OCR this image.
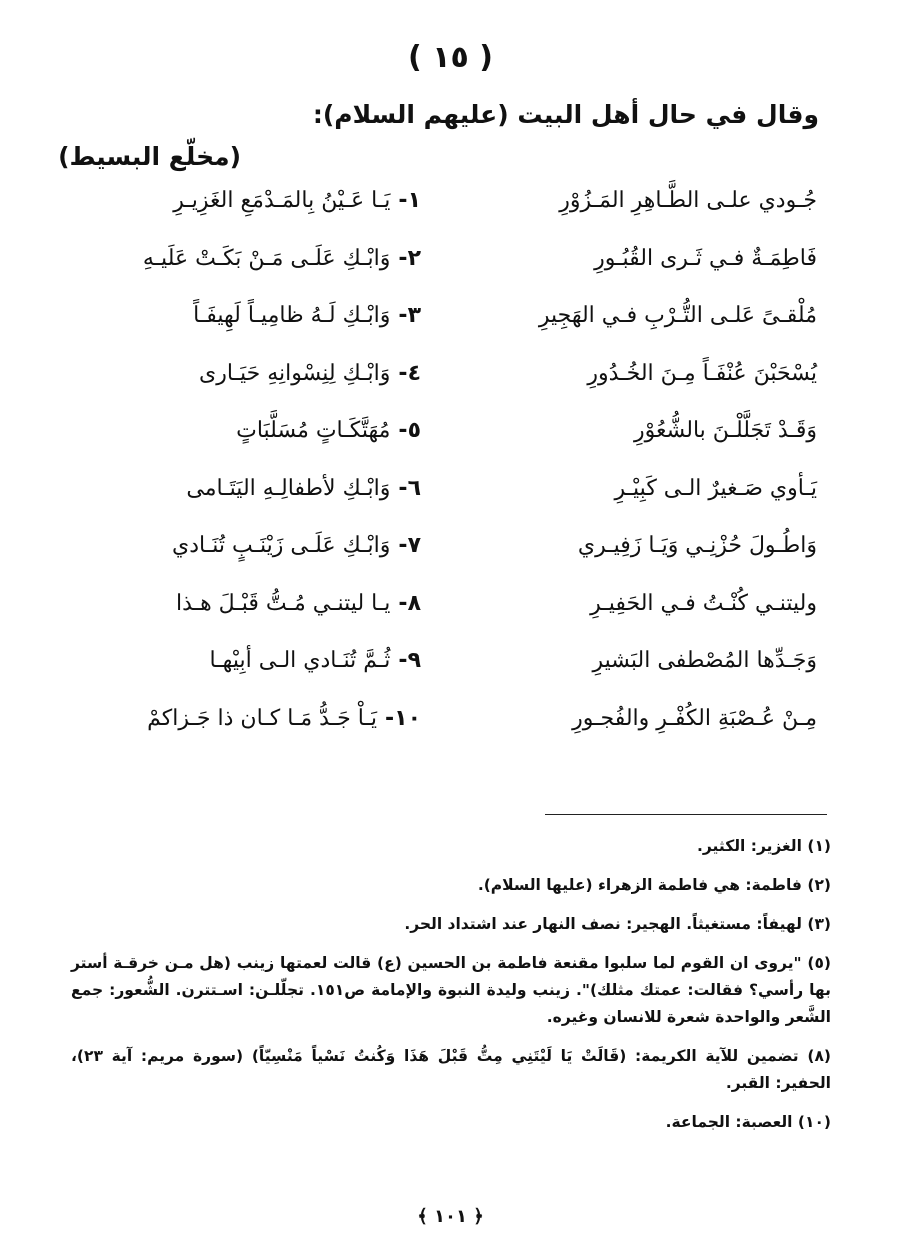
( ١٥ )
وقال في حال أهل البيت (عليهم السلام):
(مخلّع البسيط)
١-يَـا عَـيْنُ بِالمَـدْمَعِ الغَزِيـرِ	جُـودي علـى الطَّـاهِرِ المَـزُوْرِ
٢-وَابْـكِ عَلَـى مَـنْ بَكَـتْ عَلَيـهِ	فَاطِمَـةٌ فـي ثَـرى القُبُـورِ
٣-وَابْـكِ لَـهُ ظامِيـاً لَهِيفَـاً	مُلْقـىً عَلـى التُّـرْبِ فـي الهَجِيرِ
٤-وَابْـكِ لِنِسْوانِهِ حَيَـارى	يُسْحَبْنَ عُنْفَـاً مِـنَ الخُـدُورِ
٥-مُهَتَّكَـاتٍ مُسَلَّبَاتٍ	وَقَـدْ تَجَلَّلْـنَ بالشُّعُوْرِ
٦-وَابْـكِ لأطفالِـهِ اليَتَـامى	يَـأوي صَـغيرٌ الـى كَبِيْـرِ
٧-وَابْـكِ عَلَـى زَيْنَـبٍ تُنَـادي	وَاطُـولَ حُزْنِـي وَيَـا زَفِيـري
٨-يـا ليتنـي مُـتُّ قَبْـلَ هـذا	وليتنـي كُنْـتُ فـي الحَفِيـرِ
٩-ثُـمَّ تُنَـادي الـى أبِيْهـا	وَجَـدِّها المُصْطفى البَشيرِ
١٠-يَـاْ جَـدُّ مَـا كـان ذا جَـزاكمْ	مِـنْ عُـصْبَةِ الكُفْـرِ والفُجـورِ

(١) الغزير: الكثير.

(٢) فاطمة: هي فاطمة الزهراء (عليها السلام).

(٣) لهيفاً: مستغيثاً. الهجير: نصف النهار عند اشتداد الحر.

(٥) "يروى ان القوم لما سلبوا مقنعة فاطمة بن الحسين (ع) قالت لعمتها زينب (هل مـن خرقـة أستر بها رأسي؟ فقالت: عمتك مثلك)". زينب وليدة النبوة والإمامة ص١٥١. تجلّلـن: اسـتترن. الشُّعور: جمع الشَّعر والواحدة شعرة للانسان وغيره.

(٨) تضمين للآية الكريمة: (قَالَتْ يَا لَيْتَنِي مِتُّ قَبْلَ هَذَا وَكُنتُ نَسْياً مَنْسِيّاً) (سورة مريم: آية ٢٣)، الحفير: القبر.

(١٠) العصبة: الجماعة.

﴿ ١٠١ ﴾
